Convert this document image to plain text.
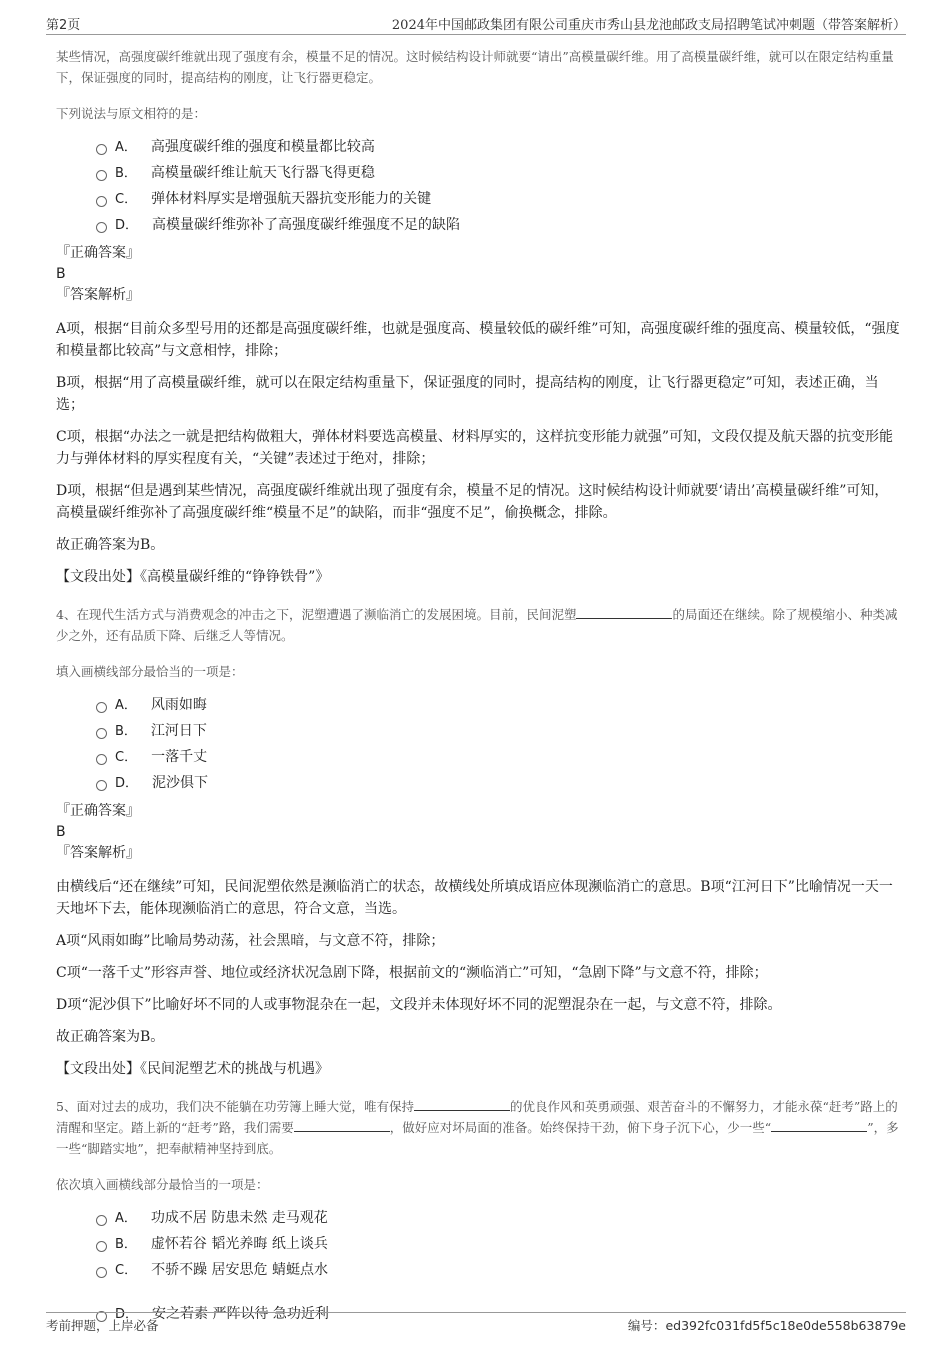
第2页	2024年中国邮政集团有限公司重庆市秀山县龙池邮政支局招聘笔试冲刺题（带答案解析）

某些情况，高强度碳纤维就出现了强度有余，模量不足的情况。这时候结构设计师就要“请出”高模量碳纤维。用了高模量碳纤维，就可以在限定结构重量下，保证强度的同时，提高结构的刚度，让飞行器更稳定。

下列说法与原文相符的是：

A． 高强度碳纤维的强度和模量都比较高
B． 高模量碳纤维让航天飞行器飞得更稳
C． 弹体材料厚实是增强航天器抗变形能力的关键
D． 高模量碳纤维弥补了高强度碳纤维强度不足的缺陷

『正确答案』

B

『答案解析』

A项，根据“目前众多型号用的还都是高强度碳纤维，也就是强度高、模量较低的碳纤维”可知，高强度碳纤维的强度高、模量较低，“强度和模量都比较高”与文意相悖，排除；

B项，根据“用了高模量碳纤维，就可以在限定结构重量下，保证强度的同时，提高结构的刚度，让飞行器更稳定”可知，表述正确，当选；

C项，根据“办法之一就是把结构做粗大，弹体材料要选高模量、材料厚实的，这样抗变形能力就强”可知，文段仅提及航天器的抗变形能力与弹体材料的厚实程度有关，“关键”表述过于绝对，排除；

D项，根据“但是遇到某些情况，高强度碳纤维就出现了强度有余，模量不足的情况。这时候结构设计师就要‘请出’高模量碳纤维”可知，高模量碳纤维弥补了高强度碳纤维“模量不足”的缺陷，而非“强度不足”，偷换概念，排除。

故正确答案为B。

【文段出处】《高模量碳纤维的“铮铮铁骨”》

4、在现代生活方式与消费观念的冲击之下，泥塑遭遇了濒临消亡的发展困境。目前，民间泥塑	的局面还在继续。除了规模缩小、种类减少之外，还有品质下降、后继乏人等情况。

填入画横线部分最恰当的一项是：

A． 风雨如晦
B． 江河日下
C． 一落千丈
D． 泥沙俱下

『正确答案』

B

『答案解析』

由横线后“还在继续”可知，民间泥塑依然是濒临消亡的状态，故横线处所填成语应体现濒临消亡的意思。B项“江河日下”比喻情况一天一天地坏下去，能体现濒临消亡的意思，符合文意，当选。

A项“风雨如晦”比喻局势动荡，社会黑暗，与文意不符，排除；

C项“一落千丈”形容声誉、地位或经济状况急剧下降，根据前文的“濒临消亡”可知，“急剧下降”与文意不符，排除；

D项“泥沙俱下”比喻好坏不同的人或事物混杂在一起，文段并未体现好坏不同的泥塑混杂在一起，与文意不符，排除。

故正确答案为B。

【文段出处】《民间泥塑艺术的挑战与机遇》

5、面对过去的成功，我们决不能躺在功劳簿上睡大觉，唯有保持	的优良作风和英勇顽强、艰苦奋斗的不懈努力，才能永葆“赶考”路上的清醒和坚定。踏上新的“赶考”路，我们需要	，做好应对坏局面的准备。始终保持干劲，俯下身子沉下心，少一些“	”，多一些“脚踏实地”，把奉献精神坚持到底。

依次填入画横线部分最恰当的一项是：

A． 功成不居 防患未然 走马观花
B． 虚怀若谷 韬光养晦 纸上谈兵
C． 不骄不躁 居安思危 蜻蜓点水
D． 安之若素 严阵以待 急功近利
考前押题，上岸必备	编号：ed392fc031fd5f5c18e0de558b63879e
